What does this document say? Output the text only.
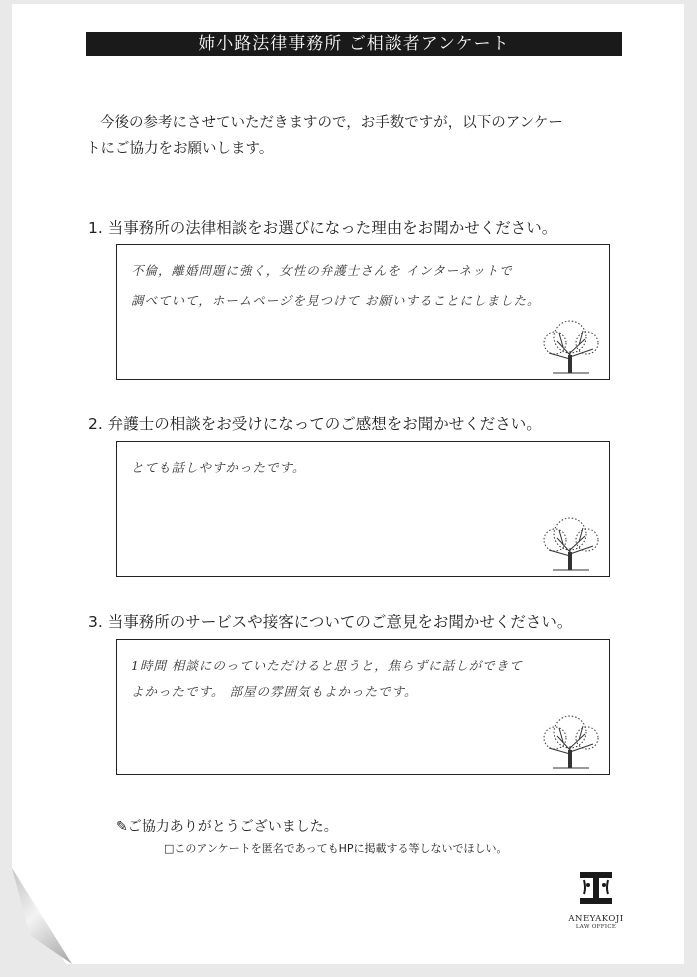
姉小路法律事務所 ご相談者アンケート
今後の参考にさせていただきますので，お手数ですが，以下のアンケー
トにご協力をお願いします。
1. 当事務所の法律相談をお選びになった理由をお聞かせください。
不倫，離婚問題に強く，女性の弁護士さんを インターネットで
調べていて，ホームページを見つけて お願いすることにしました。
2. 弁護士の相談をお受けになってのご感想をお聞かせください。
とても話しやすかったです。
3. 当事務所のサービスや接客についてのご意見をお聞かせください。
1時間 相談にのっていただけると思うと，焦らずに話しができて
よかったです。 部屋の雰囲気もよかったです。
✎ご協力ありがとうございました。
□このアンケートを匿名であってもHPに掲載する等しないでほしい。
ANEYAKOJI
LAW OFFICE
